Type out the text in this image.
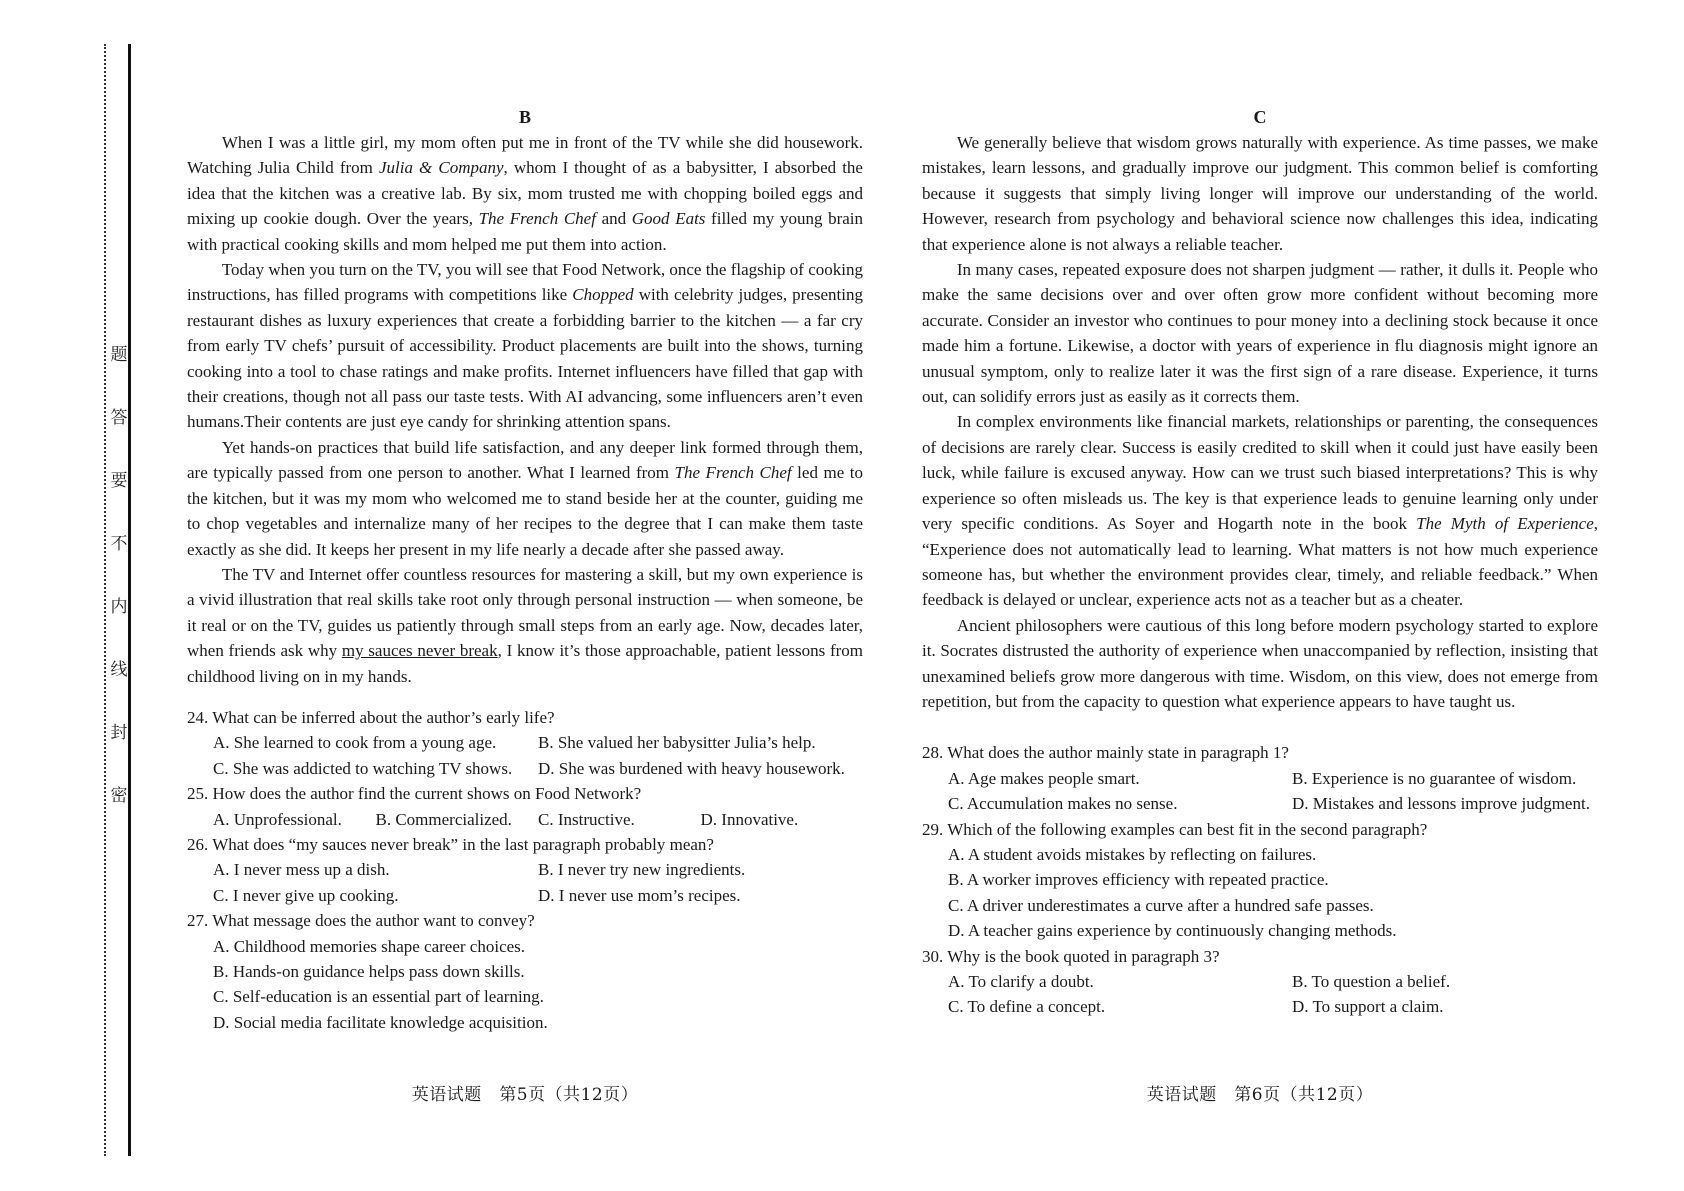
题
答
要
不
内
线
封
密
B

When I was a little girl, my mom often put me in front of the TV while she did housework. Watching Julia Child from Julia & Company, whom I thought of as a babysitter, I absorbed the idea that the kitchen was a creative lab. By six, mom trusted me with chopping boiled eggs and mixing up cookie dough. Over the years, The French Chef and Good Eats filled my young brain with practical cooking skills and mom helped me put them into action.

Today when you turn on the TV, you will see that Food Network, once the flagship of cooking instructions, has filled programs with competitions like Chopped with celebrity judges, presenting restaurant dishes as luxury experiences that create a forbidding barrier to the kitchen — a far cry from early TV chefs’ pursuit of accessibility. Product placements are built into the shows, turning cooking into a tool to chase ratings and make profits. Internet influencers have filled that gap with their creations, though not all pass our taste tests. With AI advancing, some influencers aren’t even humans.Their contents are just eye candy for shrinking attention spans.

Yet hands-on practices that build life satisfaction, and any deeper link formed through them, are typically passed from one person to another. What I learned from The French Chef led me to the kitchen, but it was my mom who welcomed me to stand beside her at the counter, guiding me to chop vegetables and internalize many of her recipes to the degree that I can make them taste exactly as she did. It keeps her present in my life nearly a decade after she passed away.

The TV and Internet offer countless resources for mastering a skill, but my own experience is a vivid illustration that real skills take root only through personal instruction — when someone, be it real or on the TV, guides us patiently through small steps from an early age. Now, decades later, when friends ask why my sauces never break, I know it’s those approachable, patient lessons from childhood living on in my hands.

24. What can be inferred about the author’s early life?

A. She learned to cook from a young age.	B. She valued her babysitter Julia’s help.
C. She was addicted to watching TV shows.	D. She was burdened with heavy housework.

25. How does the author find the current shows on Food Network?

A. Unprofessional.	B. Commercialized.	C. Instructive.	D. Innovative.

26. What does “my sauces never break” in the last paragraph probably mean?

A. I never mess up a dish.	B. I never try new ingredients.
C. I never give up cooking.	D. I never use mom’s recipes.

27. What message does the author want to convey?

A. Childhood memories shape career choices.
B. Hands-on guidance helps pass down skills.
C. Self-education is an essential part of learning.
D. Social media facilitate knowledge acquisition.
英语试题　第5页（共12页）
C

We generally believe that wisdom grows naturally with experience. As time passes, we make mistakes, learn lessons, and gradually improve our judgment. This common belief is comforting because it suggests that simply living longer will improve our understanding of the world. However, research from psychology and behavioral science now challenges this idea, indicating that experience alone is not always a reliable teacher.

In many cases, repeated exposure does not sharpen judgment — rather, it dulls it. People who make the same decisions over and over often grow more confident without becoming more accurate. Consider an investor who continues to pour money into a declining stock because it once made him a fortune. Likewise, a doctor with years of experience in flu diagnosis might ignore an unusual symptom, only to realize later it was the first sign of a rare disease. Experience, it turns out, can solidify errors just as easily as it corrects them.

In complex environments like financial markets, relationships or parenting, the consequences of decisions are rarely clear. Success is easily credited to skill when it could just have easily been luck, while failure is excused anyway. How can we trust such biased interpretations? This is why experience so often misleads us. The key is that experience leads to genuine learning only under very specific conditions. As Soyer and Hogarth note in the book The Myth of Experience, “Experience does not automatically lead to learning. What matters is not how much experience someone has, but whether the environment provides clear, timely, and reliable feedback.” When feedback is delayed or unclear, experience acts not as a teacher but as a cheater.

Ancient philosophers were cautious of this long before modern psychology started to explore it. Socrates distrusted the authority of experience when unaccompanied by reflection, insisting that unexamined beliefs grow more dangerous with time. Wisdom, on this view, does not emerge from repetition, but from the capacity to question what experience appears to have taught us.

28. What does the author mainly state in paragraph 1?

A. Age makes people smart.	B. Experience is no guarantee of wisdom.
C. Accumulation makes no sense.	D. Mistakes and lessons improve judgment.

29. Which of the following examples can best fit in the second paragraph?

A. A student avoids mistakes by reflecting on failures.
B. A worker improves efficiency with repeated practice.
C. A driver underestimates a curve after a hundred safe passes.
D. A teacher gains experience by continuously changing methods.

30. Why is the book quoted in paragraph 3?

A. To clarify a doubt.	B. To question a belief.
C. To define a concept.	D. To support a claim.
英语试题　第6页（共12页）
